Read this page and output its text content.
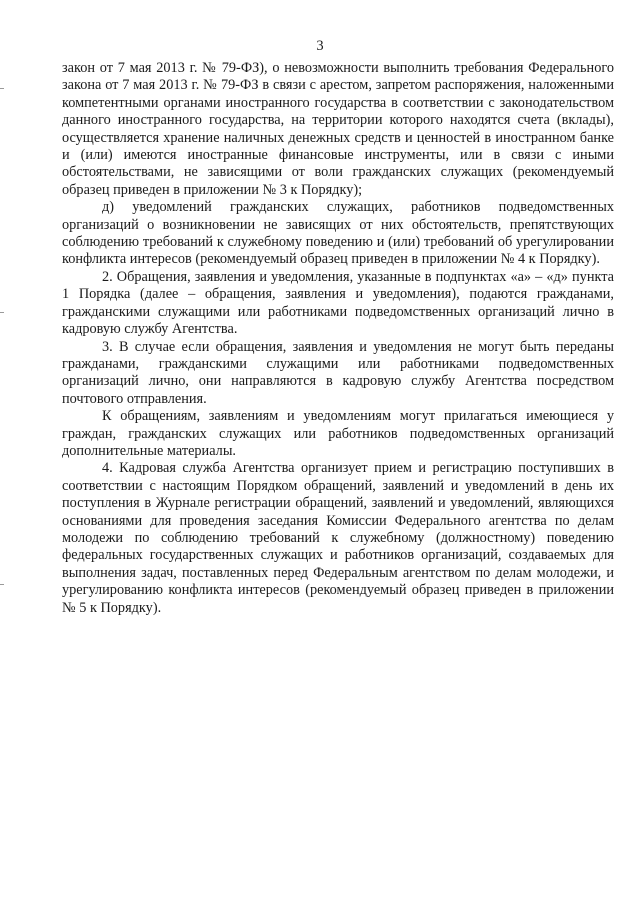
3

закон от 7 мая 2013 г. № 79-ФЗ), о невозможности выполнить требования Федерального закона от 7 мая 2013 г. № 79-ФЗ в связи с арестом, запретом распоряжения, наложенными компетентными органами иностранного государства в соответствии с законодательством данного иностранного государства, на территории которого находятся счета (вклады), осуществляется хранение наличных денежных средств и ценностей в иностранном банке и (или) имеются иностранные финансовые инструменты, или в связи с иными обстоятельствами, не зависящими от воли гражданских служащих (рекомендуемый образец приведен в приложении № 3 к Порядку);

д) уведомлений гражданских служащих, работников подведомственных организаций о возникновении не зависящих от них обстоятельств, препятствующих соблюдению требований к служебному поведению и (или) требований об урегулировании конфликта интересов (рекомендуемый образец приведен в приложении № 4 к Порядку).

2. Обращения, заявления и уведомления, указанные в подпунктах «а» – «д» пункта 1 Порядка (далее – обращения, заявления и уведомления), подаются гражданами, гражданскими служащими или работниками подведомственных организаций лично в кадровую службу Агентства.

3. В случае если обращения, заявления и уведомления не могут быть переданы гражданами, гражданскими служащими или работниками подведомственных организаций лично, они направляются в кадровую службу Агентства посредством почтового отправления.

К обращениям, заявлениям и уведомлениям могут прилагаться имеющиеся у граждан, гражданских служащих или работников подведомственных организаций дополнительные материалы.

4. Кадровая служба Агентства организует прием и регистрацию поступивших в соответствии с настоящим Порядком обращений, заявлений и уведомлений в день их поступления в Журнале регистрации обращений, заявлений и уведомлений, являющихся основаниями для проведения заседания Комиссии Федерального агентства по делам молодежи по соблюдению требований к служебному (должностному) поведению федеральных государственных служащих и работников организаций, создаваемых для выполнения задач, поставленных перед Федеральным агентством по делам молодежи, и урегулированию конфликта интересов (рекомендуемый образец приведен в приложении № 5 к Порядку).
